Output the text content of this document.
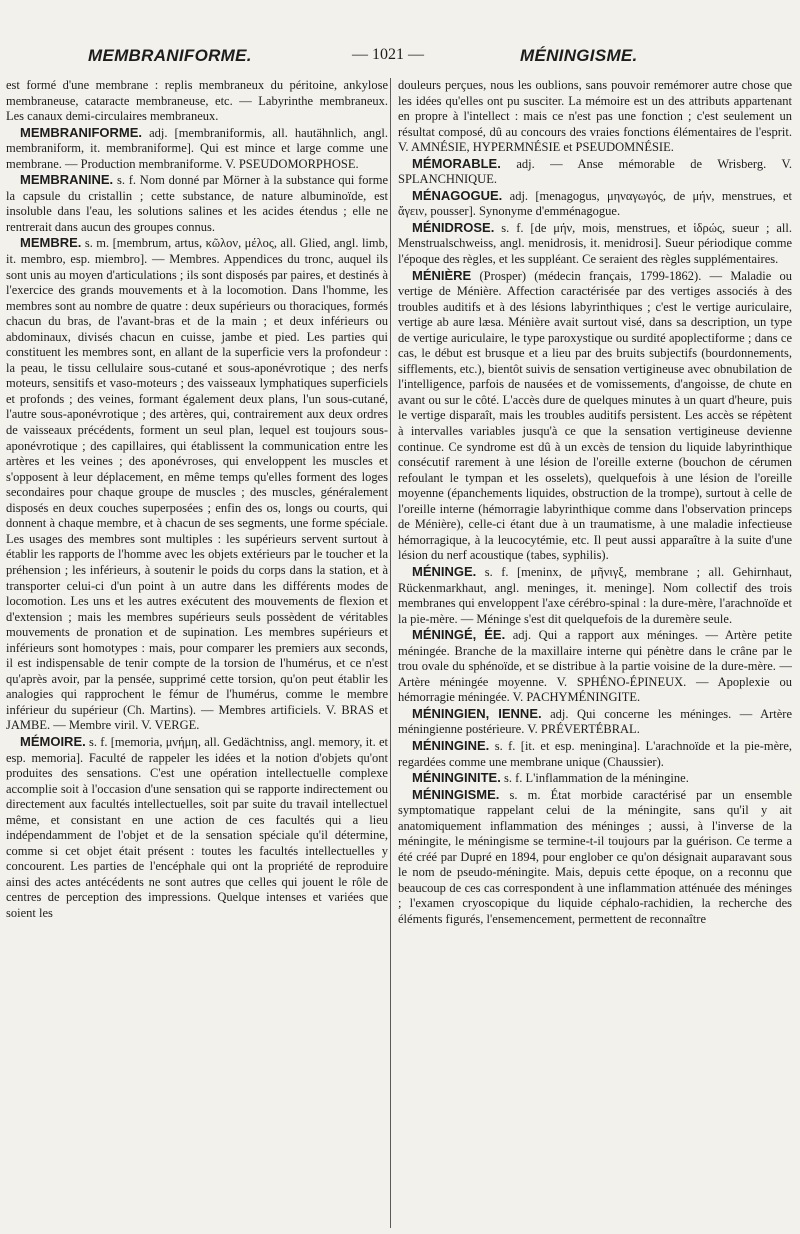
MEMBRANIFORME.	— 1021 —	MÉNINGISME.

est formé d'une membrane : replis membraneux du péritoine, ankylose membraneuse, cataracte membraneuse, etc. — Labyrinthe membraneux. Les canaux demi-circulaires membraneux.

MEMBRANIFORME. adj. [membraniformis, all. hautähnlich, angl. membraniform, it. membraniforme]. Qui est mince et large comme une membrane. — Production membraniforme. V. PSEUDOMORPHOSE.

MEMBRANINE. s. f. Nom donné par Mörner à la substance qui forme la capsule du cristallin ; cette substance, de nature albuminoïde, est insoluble dans l'eau, les solutions salines et les acides étendus ; elle ne rentrerait dans aucun des groupes connus.

MEMBRE. s. m. [membrum, artus, κῶλον, μέλος, all. Glied, angl. limb, it. membro, esp. miembro]. — Membres. Appendices du tronc, auquel ils sont unis au moyen d'articulations ; ils sont disposés par paires, et destinés à l'exercice des grands mouvements et à la locomotion. Dans l'homme, les membres sont au nombre de quatre : deux supérieurs ou thoraciques, formés chacun du bras, de l'avant-bras et de la main ; et deux inférieurs ou abdominaux, divisés chacun en cuisse, jambe et pied. Les parties qui constituent les membres sont, en allant de la superficie vers la profondeur : la peau, le tissu cellulaire sous-cutané et sous-aponévrotique ; des nerfs moteurs, sensitifs et vaso-moteurs ; des vaisseaux lymphatiques superficiels et profonds ; des veines, formant également deux plans, l'un sous-cutané, l'autre sous-aponévrotique ; des artères, qui, contrairement aux deux ordres de vaisseaux précédents, forment un seul plan, lequel est toujours sous-aponévrotique ; des capillaires, qui établissent la communication entre les artères et les veines ; des aponévroses, qui enveloppent les muscles et s'opposent à leur déplacement, en même temps qu'elles forment des loges secondaires pour chaque groupe de muscles ; des muscles, généralement disposés en deux couches superposées ; enfin des os, longs ou courts, qui donnent à chaque membre, et à chacun de ses segments, une forme spéciale. Les usages des membres sont multiples : les supérieurs servent surtout à établir les rapports de l'homme avec les objets extérieurs par le toucher et la préhension ; les inférieurs, à soutenir le poids du corps dans la station, et à transporter celui-ci d'un point à un autre dans les différents modes de locomotion. Les uns et les autres exécutent des mouvements de flexion et d'extension ; mais les membres supérieurs seuls possèdent de véritables mouvements de pronation et de supination. Les membres supérieurs et inférieurs sont homotypes : mais, pour comparer les premiers aux seconds, il est indispensable de tenir compte de la torsion de l'humérus, et ce n'est qu'après avoir, par la pensée, supprimé cette torsion, qu'on peut établir les analogies qui rapprochent le fémur de l'humérus, comme le membre inférieur du supérieur (Ch. Martins). — Membres artificiels. V. BRAS et JAMBE. — Membre viril. V. VERGE.

MÉMOIRE. s. f. [memoria, μνήμη, all. Gedächtniss, angl. memory, it. et esp. memoria]. Faculté de rappeler les idées et la notion d'objets qu'ont produites des sensations. C'est une opération intellectuelle complexe accomplie soit à l'occasion d'une sensation qui se rapporte indirectement ou directement aux facultés intellectuelles, soit par suite du travail intellectuel même, et consistant en une action de ces facultés qui a lieu indépendamment de l'objet et de la sensation spéciale qu'il détermine, comme si cet objet était présent : toutes les facultés intellectuelles y concourent. Les parties de l'encéphale qui ont la propriété de reproduire ainsi des actes antécédents ne sont autres que celles qui jouent le rôle de centres de perception des impressions. Quelque intenses et variées que soient les

douleurs perçues, nous les oublions, sans pouvoir remémorer autre chose que les idées qu'elles ont pu susciter. La mémoire est un des attributs appartenant en propre à l'intellect : mais ce n'est pas une fonction ; c'est seulement un résultat composé, dû au concours des vraies fonctions élémentaires de l'esprit. V. AMNÉSIE, HYPERMNÉSIE et PSEUDOMNÉSIE.

MÉMORABLE. adj. — Anse mémorable de Wrisberg. V. SPLANCHNIQUE.

MÉNAGOGUE. adj. [menagogus, μηναγωγός, de μήν, menstrues, et ἄγειν, pousser]. Synonyme d'emménagogue.

MÉNIDROSE. s. f. [de μήν, mois, menstrues, et ἱδρώς, sueur ; all. Menstrualschweiss, angl. menidrosis, it. menidrosi]. Sueur périodique comme l'époque des règles, et les suppléant. Ce seraient des règles supplémentaires.

MÉNIÈRE (Prosper) (médecin français, 1799-1862). — Maladie ou vertige de Ménière. Affection caractérisée par des vertiges associés à des troubles auditifs et à des lésions labyrinthiques ; c'est le vertige auriculaire, vertige ab aure læsa. Ménière avait surtout visé, dans sa description, un type de vertige auriculaire, le type paroxystique ou surdité apoplectiforme ; dans ce cas, le début est brusque et a lieu par des bruits subjectifs (bourdonnements, sifflements, etc.), bientôt suivis de sensation vertigineuse avec obnubilation de l'intelligence, parfois de nausées et de vomissements, d'angoisse, de chute en avant ou sur le côté. L'accès dure de quelques minutes à un quart d'heure, puis le vertige disparaît, mais les troubles auditifs persistent. Les accès se répètent à intervalles variables jusqu'à ce que la sensation vertigineuse devienne continue. Ce syndrome est dû à un excès de tension du liquide labyrinthique consécutif rarement à une lésion de l'oreille externe (bouchon de cérumen refoulant le tympan et les osselets), quelquefois à une lésion de l'oreille moyenne (épanchements liquides, obstruction de la trompe), surtout à celle de l'oreille interne (hémorragie labyrinthique comme dans l'observation princeps de Ménière), celle-ci étant due à un traumatisme, à une maladie infectieuse hémorragique, à la leucocytémie, etc. Il peut aussi apparaître à la suite d'une lésion du nerf acoustique (tabes, syphilis).

MÉNINGE. s. f. [meninx, de μῆνιγξ, membrane ; all. Gehirnhaut, Rückenmarkhaut, angl. meninges, it. meninge]. Nom collectif des trois membranes qui enveloppent l'axe cérébro-spinal : la dure-mère, l'arachnoïde et la pie-mère. — Méninge s'est dit quelquefois de la duremère seule.

MÉNINGÉ, ÉE. adj. Qui a rapport aux méninges. — Artère petite méningée. Branche de la maxillaire interne qui pénètre dans le crâne par le trou ovale du sphénoïde, et se distribue à la partie voisine de la dure-mère. — Artère méningée moyenne. V. SPHÉNO-ÉPINEUX. — Apoplexie ou hémorragie méningée. V. PACHYMÉNINGITE.

MÉNINGIEN, IENNE. adj. Qui concerne les méninges. — Artère méningienne postérieure. V. PRÉVERTÉBRAL.

MÉNINGINE. s. f. [it. et esp. meningina]. L'arachnoïde et la pie-mère, regardées comme une membrane unique (Chaussier).

MÉNINGINITE. s. f. L'inflammation de la méningine.

MÉNINGISME. s. m. État morbide caractérisé par un ensemble symptomatique rappelant celui de la méningite, sans qu'il y ait anatomiquement inflammation des méninges ; aussi, à l'inverse de la méningite, le méningisme se termine-t-il toujours par la guérison. Ce terme a été créé par Dupré en 1894, pour englober ce qu'on désignait auparavant sous le nom de pseudo-méningite. Mais, depuis cette époque, on a reconnu que beaucoup de ces cas correspondent à une inflammation atténuée des méninges ; l'examen cryoscopique du liquide céphalo-rachidien, la recherche des éléments figurés, l'ensemencement, permettent de reconnaître
